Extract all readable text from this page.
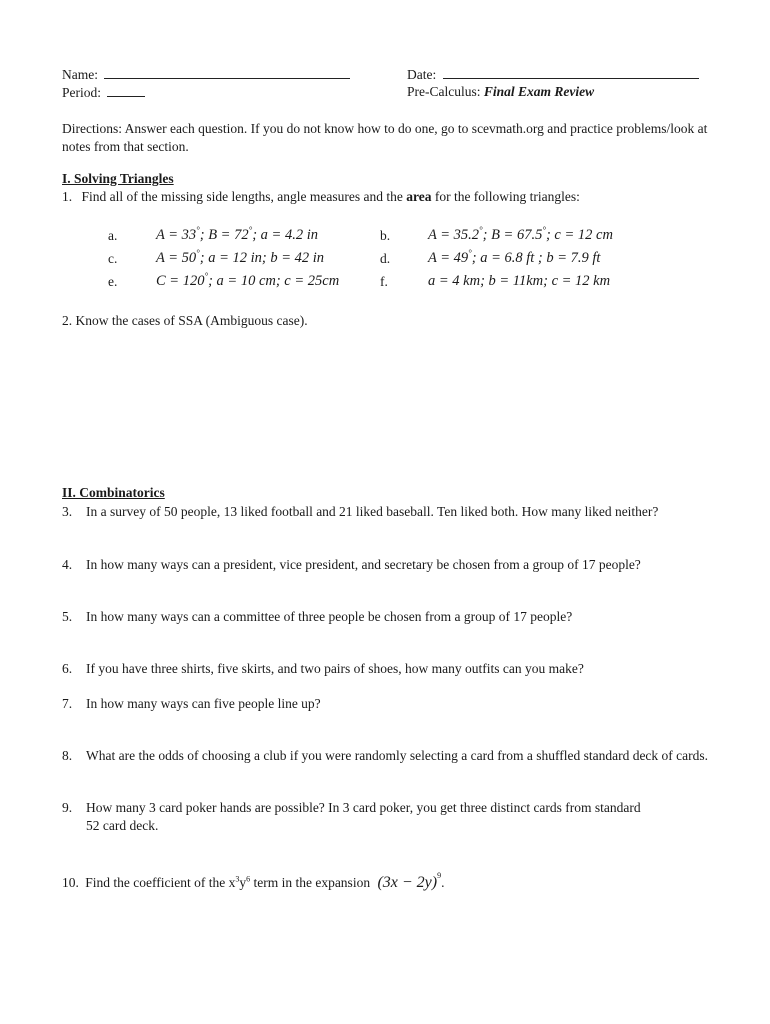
Name:
Period:
Date:
Pre-Calculus: Final Exam Review
Directions: Answer each question. If you do not know how to do one, go to scevmath.org and practice problems/look at notes from that section.
I. Solving Triangles
1. Find all of the missing side lengths, angle measures and the area for the following triangles:
a.	A = 33°; B = 72°; a = 4.2 in	b.	A = 35.2°; B = 67.5°; c = 12 cm
c.	A = 50°; a = 12 in; b = 42 in	d.	A = 49°; a = 6.8 ft ; b = 7.9 ft
e.	C = 120°; a = 10 cm; c = 25cm	f.	a = 4 km; b = 11km; c = 12 km
2. Know the cases of SSA (Ambiguous case).
II. Combinatorics
3. In a survey of 50 people, 13 liked football and 21 liked baseball. Ten liked both. How many liked neither?
4. In how many ways can a president, vice president, and secretary be chosen from a group of 17 people?
5. In how many ways can a committee of three people be chosen from a group of 17 people?
6. If you have three shirts, five skirts, and two pairs of shoes, how many outfits can you make?
7. In how many ways can five people line up?
8.	What are the odds of choosing a club if you were randomly selecting a card from a shuffled standard deck of cards.
9.	How many 3 card poker hands are possible? In 3 card poker, you get three distinct cards from standard 52 card deck.
10. Find the coefficient of the $x^3y^6$ term in the expansion $(3x - 2y)^9$.
